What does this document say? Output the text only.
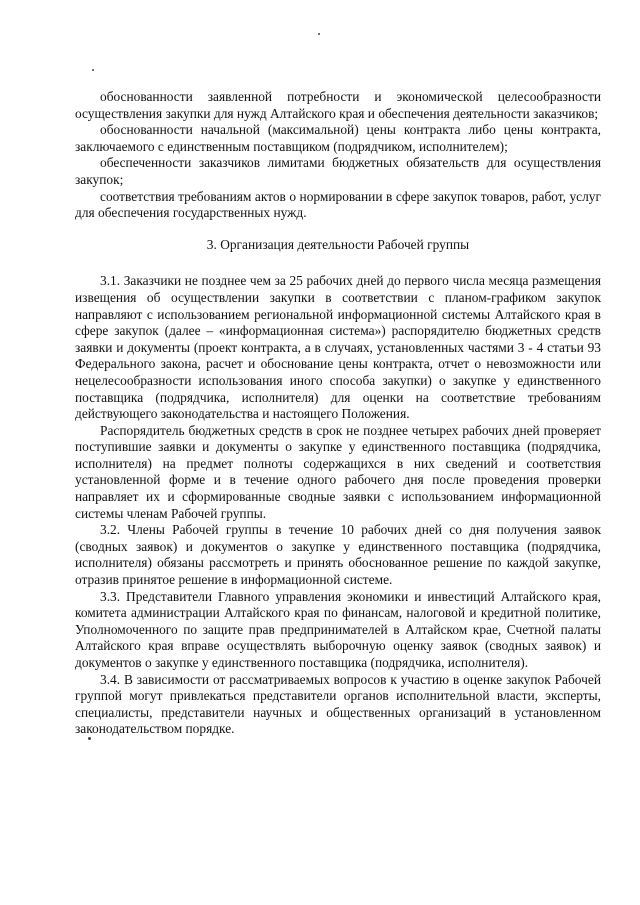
обоснованности заявленной потребности и экономической целесообразности осуществления закупки для нужд Алтайского края и обеспечения деятельности заказчиков;

обоснованности начальной (максимальной) цены контракта либо цены контракта, заключаемого с единственным поставщиком (подрядчиком, исполнителем);

обеспеченности заказчиков лимитами бюджетных обязательств для осуществления закупок;

соответствия требованиям актов о нормировании в сфере закупок товаров, работ, услуг для обеспечения государственных нужд.

3. Организация деятельности Рабочей группы

3.1. Заказчики не позднее чем за 25 рабочих дней до первого числа месяца размещения извещения об осуществлении закупки в соответствии с планом-графиком закупок направляют с использованием региональной информационной системы Алтайского края в сфере закупок (далее – «информационная система») распорядителю бюджетных средств заявки и документы (проект контракта, а в случаях, установленных частями 3 - 4 статьи 93 Федерального закона, расчет и обоснование цены контракта, отчет о невозможности или нецелесообразности использования иного способа закупки) о закупке у единственного поставщика (подрядчика, исполнителя) для оценки на соответствие требованиям действующего законодательства и настоящего Положения.

Распорядитель бюджетных средств в срок не позднее четырех рабочих дней проверяет поступившие заявки и документы о закупке у единственного поставщика (подрядчика, исполнителя) на предмет полноты содержащихся в них сведений и соответствия установленной форме и в течение одного рабочего дня после проведения проверки направляет их и сформированные сводные заявки с использованием информационной системы членам Рабочей группы.

3.2. Члены Рабочей группы в течение 10 рабочих дней со дня получения заявок (сводных заявок) и документов о закупке у единственного поставщика (подрядчика, исполнителя) обязаны рассмотреть и принять обоснованное решение по каждой закупке, отразив принятое решение в информационной системе.

3.3. Представители Главного управления экономики и инвестиций Алтайского края, комитета администрации Алтайского края по финансам, налоговой и кредитной политике, Уполномоченного по защите прав предпринимателей в Алтайском крае, Счетной палаты Алтайского края вправе осуществлять выборочную оценку заявок (сводных заявок) и документов о закупке у единственного поставщика (подрядчика, исполнителя).

3.4. В зависимости от рассматриваемых вопросов к участию в оценке закупок Рабочей группой могут привлекаться представители органов исполнительной власти, эксперты, специалисты, представители научных и общественных организаций в установленном законодательством порядке.
